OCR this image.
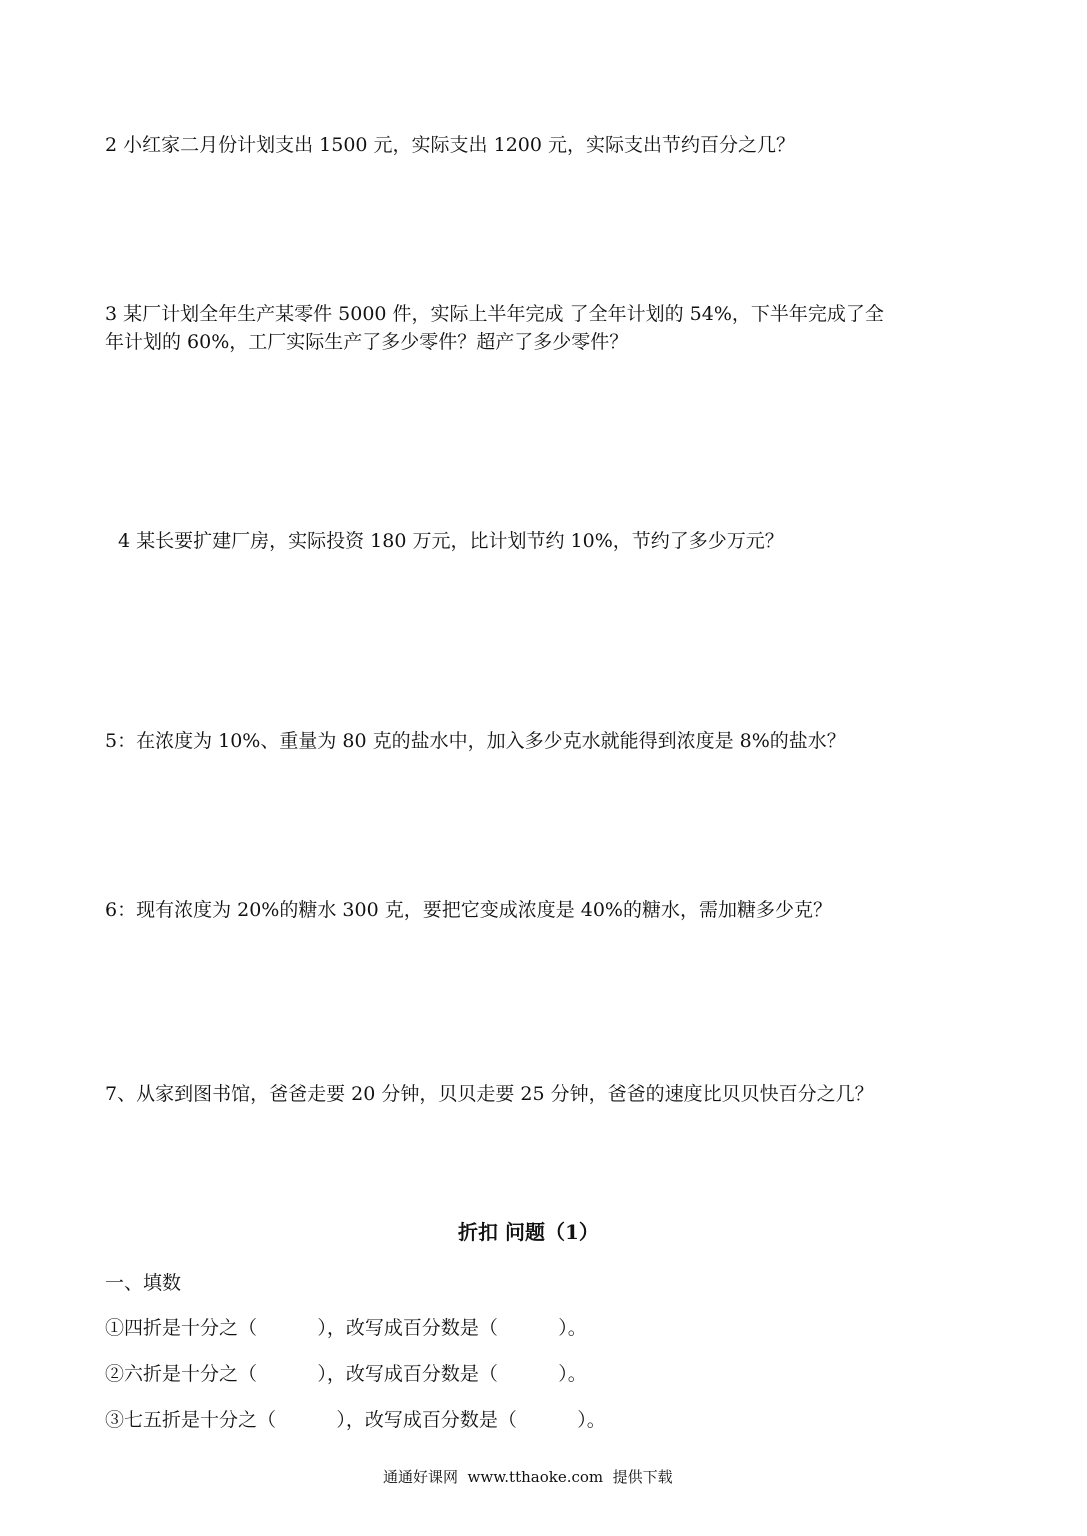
2 小红家二月份计划支出 1500 元，实际支出 1200 元，实际支出节约百分之几？
3 某厂计划全年生产某零件 5000 件，实际上半年完成 了全年计划的 54%，下半年完成了全
年计划的 60%，工厂实际生产了多少零件？超产了多少零件？
4 某长要扩建厂房，实际投资 180 万元，比计划节约 10%，节约了多少万元？
5：在浓度为 10%、重量为 80 克的盐水中，加入多少克水就能得到浓度是 8%的盐水？
6：现有浓度为 20%的糖水 300 克，要把它变成浓度是 40%的糖水，需加糖多少克？
7、从家到图书馆，爸爸走要 20 分钟，贝贝走要 25 分钟，爸爸的速度比贝贝快百分之几？
折扣 问题（1）
一、填数
①四折是十分之（          ），改写成百分数是（          ）。
②六折是十分之（          ），改写成百分数是（          ）。
③七五折是十分之（          ），改写成百分数是（          ）。
通通好课网  www.tthaoke.com  提供下载
